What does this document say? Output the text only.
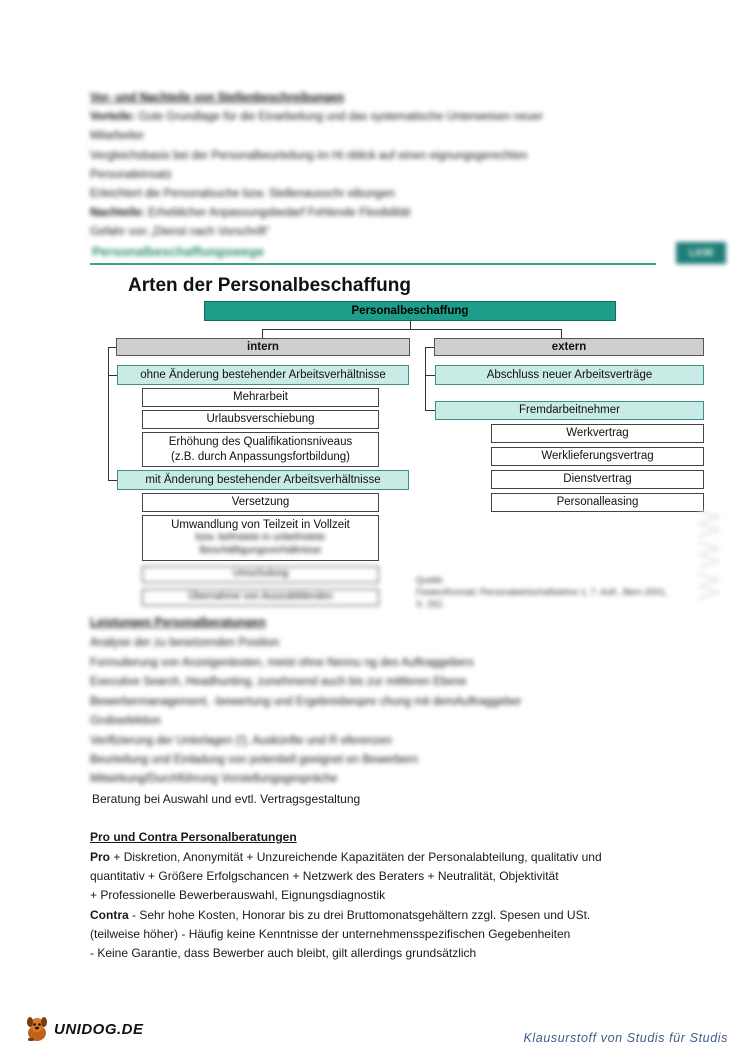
Vor- und Nachteile von Stellenbeschreibungen
Vorteile: Gute Grundlage für die Einarbeitung und das systematische Unterweisen neuer
Mitarbeiter
Vergleichsbasis bei der Personalbeurteilung im Hi nblick auf einen eignungsgerechten
Personaleinsatz
Erleichtert die Personalsuche bzw. Stellenausschr eibungen
Nachteile: Erheblicher Anpassungsbedarf Fehlende Flexibilität
Gefahr von „Dienst nach Vorschrift“
Personalbeschaffungswege	LKM
Arten der Personalbeschaffung
Personalbeschaffung
intern	extern
ohne Änderung bestehender Arbeitsverhältnisse
Mehrarbeit
Urlaubsverschiebung
Erhöhung des Qualifikationsniveaus
(z.B. durch Anpassungsfortbildung)
mit Änderung bestehender Arbeitsverhältnisse
Versetzung
Umwandlung von Teilzeit in Vollzeit
bzw. befristete in unbefristete
Beschäftigungsverhältnisse
Umschulung
Übernahme von Auszubildenden
Abschluss neuer Arbeitsverträge
Fremdarbeitnehmer
Werkvertrag
Werklieferungsvertrag
Dienstvertrag
Personalleasing
Quelle:
Festen/Konrad: Personalwirtschaftslehre 1, 7. Aufl., Bern 2001,
S. 262.
www
Leistungen Personalberatungen
Analyse der zu besetzenden Position
Formulierung von Anzeigentexten, meist ohne Nennu ng des Auftraggebers
Executive Search, Headhunting, zunehmend auch bis zur mittleren Ebene
Bewerbermanagement, -bewertung und Ergebnisbespre chung mit demAuftraggeber
Grobselektion
Verifizierung der Unterlagen (!), Auskünfte und R eferenzen
Beurteilung und Einladung von potentiell geeignet en Bewerbern
Mitwirkung/Durchführung Vorstellungsgespräche
Beratung bei Auswahl und evtl. Vertragsgestaltung
Pro und Contra Personalberatungen
Pro + Diskretion, Anonymität + Unzureichende Kapazitäten der Personalabteilung, qualitativ und
quantitativ + Größere Erfolgschancen + Netzwerk des Beraters + Neutralität, Objektivität
+ Professionelle Bewerberauswahl, Eignungsdiagnostik
Contra - Sehr hohe Kosten, Honorar bis zu drei Bruttomonatsgehältern zzgl. Spesen und USt.
(teilweise höher) - Häufig keine Kenntnisse der unternehmensspezifischen Gegebenheiten
- Keine Garantie, dass Bewerber auch bleibt, gilt allerdings grundsätzlich
UNIDOG.DE
Klausurstoff von Studis für Studis
